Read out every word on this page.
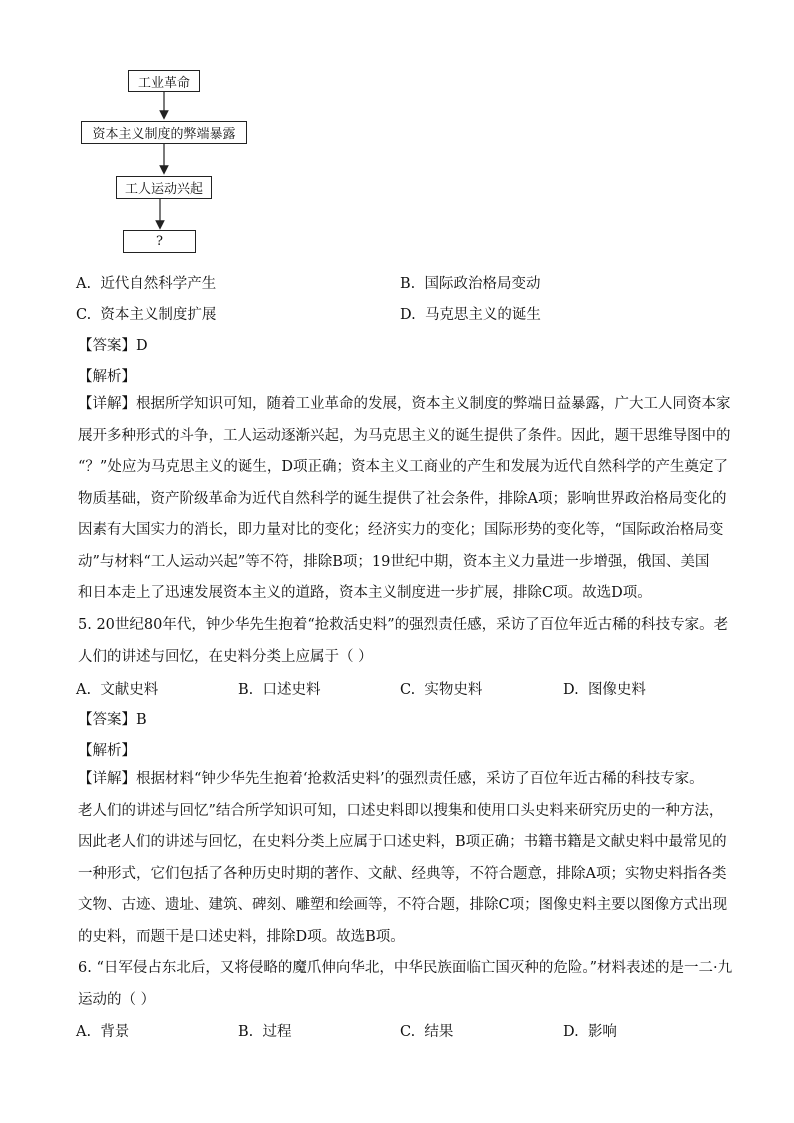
工业革命
资本主义制度的弊端暴露
工人运动兴起
?
A. 近代自然科学产生	B. 国际政治格局变动
C. 资本主义制度扩展	D. 马克思主义的诞生
【答案】D
【解析】
【详解】根据所学知识可知，随着工业革命的发展，资本主义制度的弊端日益暴露，广大工人同资本家
展开多种形式的斗争，工人运动逐渐兴起，为马克思主义的诞生提供了条件。因此，题干思维导图中的
“？”处应为马克思主义的诞生，D项正确；资本主义工商业的产生和发展为近代自然科学的产生奠定了
物质基础，资产阶级革命为近代自然科学的诞生提供了社会条件，排除A项；影响世界政治格局变化的
因素有大国实力的消长，即力量对比的变化；经济实力的变化；国际形势的变化等，“国际政治格局变
动”与材料“工人运动兴起”等不符，排除B项；19世纪中期，资本主义力量进一步增强，俄国、美国
和日本走上了迅速发展资本主义的道路，资本主义制度进一步扩展，排除C项。故选D项。
5. 20世纪80年代，钟少华先生抱着“抢救活史料”的强烈责任感，采访了百位年近古稀的科技专家。老
人们的讲述与回忆，在史料分类上应属于（ ）
A. 文献史料	B. 口述史料	C. 实物史料	D. 图像史料
【答案】B
【解析】
【详解】根据材料“钟少华先生抱着‘抢救活史料’的强烈责任感，采访了百位年近古稀的科技专家。
老人们的讲述与回忆”结合所学知识可知，口述史料即以搜集和使用口头史料来研究历史的一种方法，
因此老人们的讲述与回忆，在史料分类上应属于口述史料，B项正确；书籍书籍是文献史料中最常见的
一种形式，它们包括了各种历史时期的著作、文献、经典等，不符合题意，排除A项；实物史料指各类
文物、古迹、遗址、建筑、碑刻、雕塑和绘画等，不符合题，排除C项；图像史料主要以图像方式出现
的史料，而题干是口述史料，排除D项。故选B项。
6. “日军侵占东北后，又将侵略的魔爪伸向华北，中华民族面临亡国灭种的危险。”材料表述的是一二·九
运动的（ ）
A. 背景	B. 过程	C. 结果	D. 影响
